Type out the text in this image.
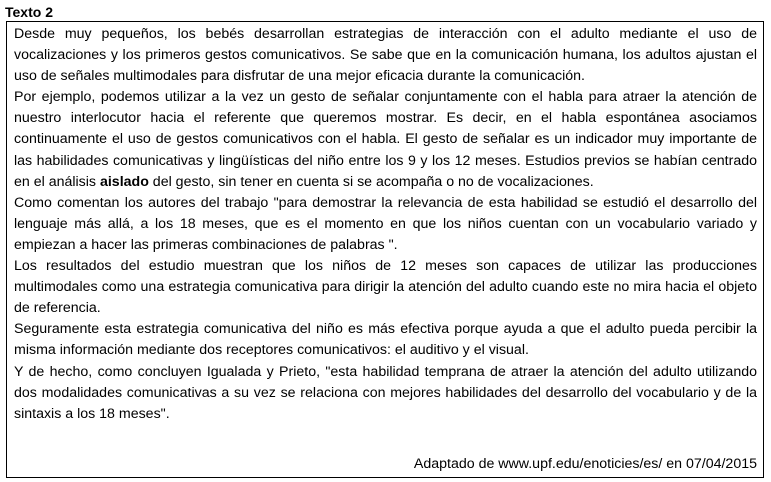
Texto 2

Desde muy pequeños, los bebés desarrollan estrategias de interacción con el adulto mediante el uso de vocalizaciones y los primeros gestos comunicativos. Se sabe que en la comunicación humana, los adultos ajustan el uso de señales multimodales para disfrutar de una mejor eficacia durante la comunicación.

Por ejemplo, podemos utilizar a la vez un gesto de señalar conjuntamente con el habla para atraer la atención de nuestro interlocutor hacia el referente que queremos mostrar. Es decir, en el habla espontánea asociamos continuamente el uso de gestos comunicativos con el habla. El gesto de señalar es un indicador muy importante de las habilidades comunicativas y lingüísticas del niño entre los 9 y los 12 meses. Estudios previos se habían centrado en el análisis aislado del gesto, sin tener en cuenta si se acompaña o no de vocalizaciones.

Como comentan los autores del trabajo "para demostrar la relevancia de esta habilidad se estudió el desarrollo del lenguaje más allá, a los 18 meses, que es el momento en que los niños cuentan con un vocabulario variado y empiezan a hacer las primeras combinaciones de palabras ".

Los resultados del estudio muestran que los niños de 12 meses son capaces de utilizar las producciones multimodales como una estrategia comunicativa para dirigir la atención del adulto cuando este no mira hacia el objeto de referencia.

Seguramente esta estrategia comunicativa del niño es más efectiva porque ayuda a que el adulto pueda percibir la misma información mediante dos receptores comunicativos: el auditivo y el visual.

Y de hecho, como concluyen Igualada y Prieto, "esta habilidad temprana de atraer la atención del adulto utilizando dos modalidades comunicativas a su vez se relaciona con mejores habilidades del desarrollo del vocabulario y de la sintaxis a los 18 meses".

Adaptado de www.upf.edu/enoticies/es/ en 07/04/2015
